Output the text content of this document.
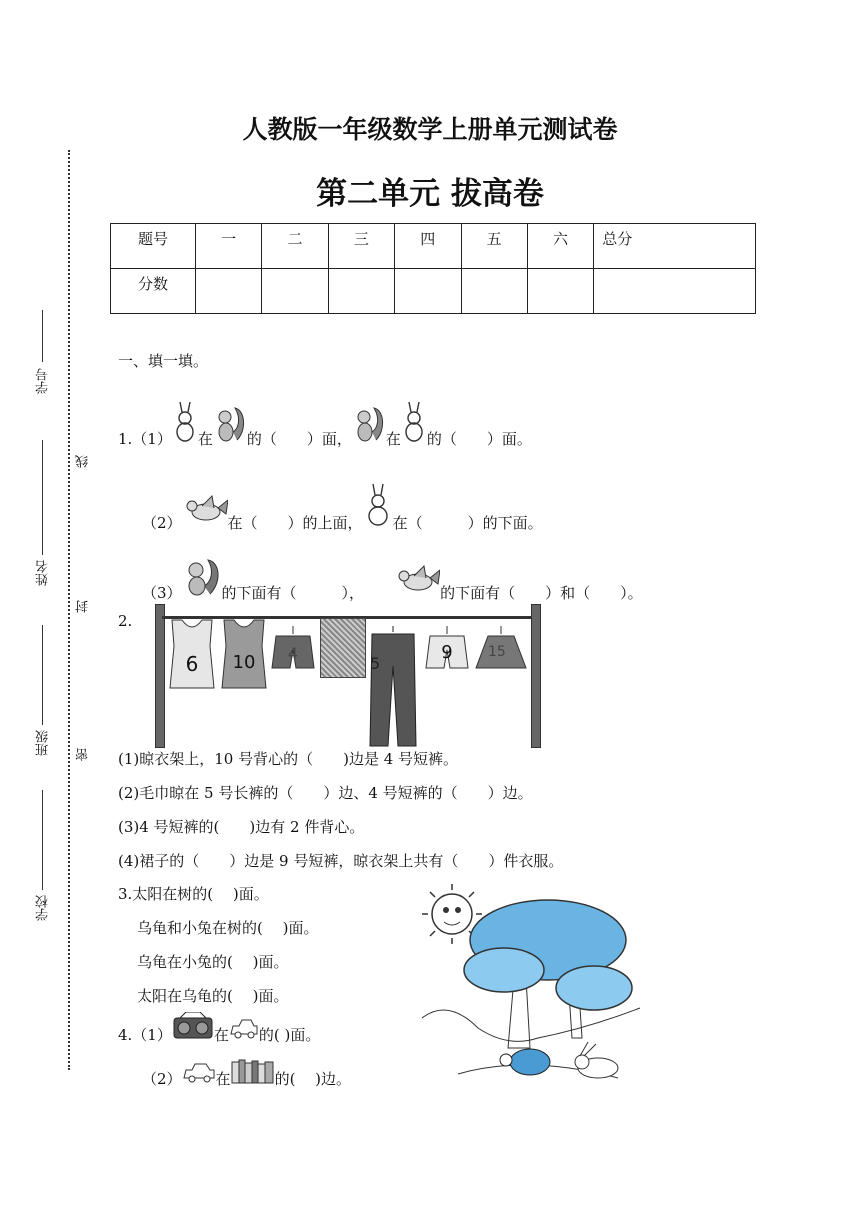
学号
姓名
班级
学校
线
封
密
人教版一年级数学上册单元测试卷
第二单元 拔高卷
题号	一	二	三	四	五	六	总分
分数							
一、填一填。
1.（1） 在 的（　　）面， 在 的（　　）面。
（2）	在（　　）的上面， 在（　　　）的下面。
（3）	的下面有（　　　），	的下面有（　　）和（　　）。
2.
6	10	4
5
9	15
(1)晾衣架上，10 号背心的（　　)边是 4 号短裤。
(2)毛巾晾在 5 号长裤的（　　）边、4 号短裤的（　　）边。
(3)4 号短裤的(　　)边有 2 件背心。
(4)裙子的（　　）边是 9 号短裤，晾衣架上共有（　　）件衣服。
3.太阳在树的(　 )面。
乌龟和小兔在树的(　 )面。
乌龟在小兔的(　 )面。
太阳在乌龟的(　 )面。
4.（1）	在 的( )面。
（2） 在	的(　 )边。
